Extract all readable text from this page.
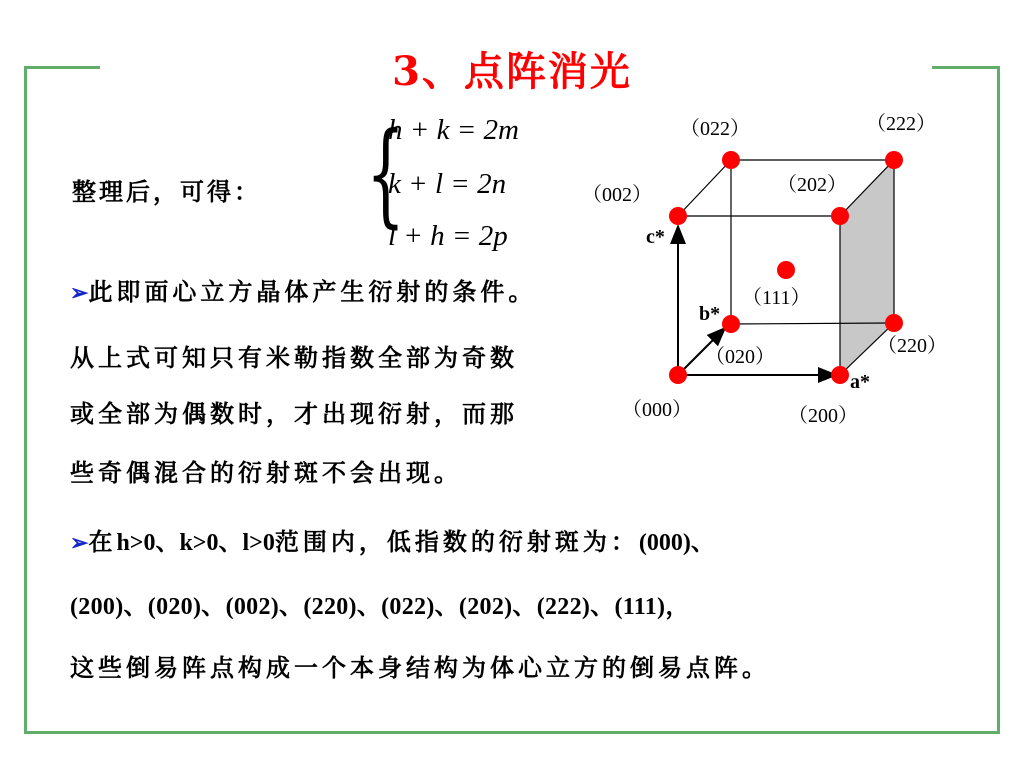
3、点阵消光
整理后，可得： {
h + k = 2m
k + l = 2n
l + h = 2p
➢此即面心立方晶体产生衍射的条件。
从上式可知只有米勒指数全部为奇数
或全部为偶数时，才出现衍射，而那
些奇偶混合的衍射斑不会出现。
➢在h>0、k>0、l>0范围内，低指数的衍射斑为：(000)、
(200)、(020)、(002)、(220)、(022)、(202)、(222)、(111)，
这些倒易阵点构成一个本身结构为体心立方的倒易点阵。
（000）	（200）
（020）	（220）
（002）	（202）
（022）	（222）
（111）
a*
b*
c*
